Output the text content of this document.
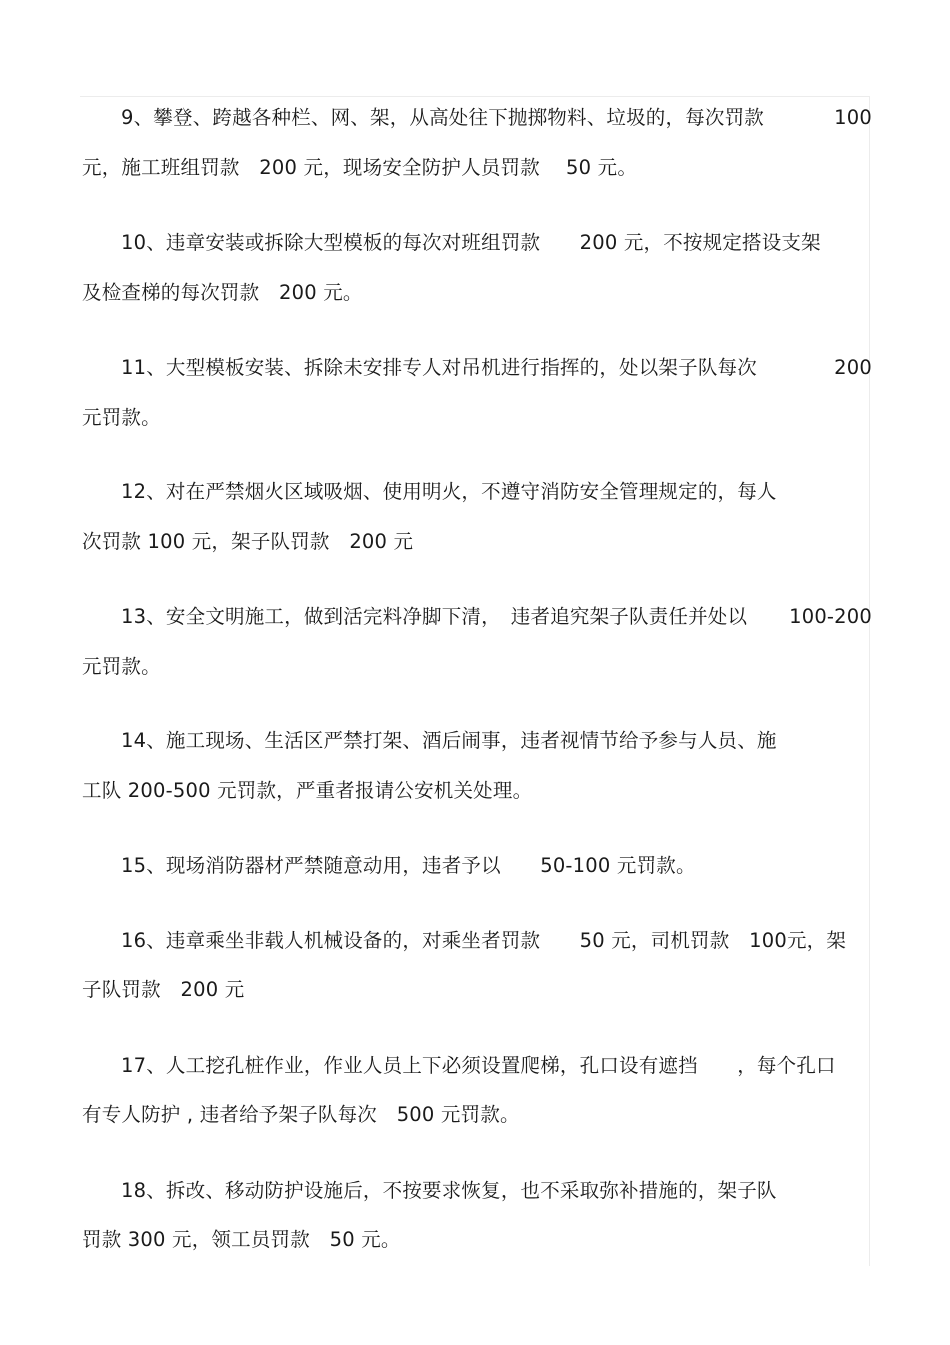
9、攀登、跨越各种栏、网、架，从高处往下抛掷物料、垃圾的，每次罚款	100
元，施工班组罚款　200 元，现场安全防护人员罚款　 50 元。
10、违章安装或拆除大型模板的每次对班组罚款　　200 元，不按规定搭设支架
及检查梯的每次罚款　200 元。
11、大型模板安装、拆除未安排专人对吊机进行指挥的，处以架子队每次	200
元罚款。
12、对在严禁烟火区域吸烟、使用明火，不遵守消防安全管理规定的，每人
次罚款 100 元，架子队罚款　200 元
13、安全文明施工，做到活完料净脚下清，　违者追究架子队责任并处以 100-200
元罚款。
14、施工现场、生活区严禁打架、酒后闹事，违者视情节给予参与人员、施
工队 200-500 元罚款，严重者报请公安机关处理。
15、现场消防器材严禁随意动用，违者予以　　50-100 元罚款。
16、违章乘坐非载人机械设备的，对乘坐者罚款　　50 元，司机罚款　100元，架
子队罚款　200 元
17、人工挖孔桩作业，作业人员上下必须设置爬梯，孔口设有遮挡　　，每个孔口
有专人防护 , 违者给予架子队每次　500 元罚款。
18、拆改、移动防护设施后，不按要求恢复，也不采取弥补措施的，架子队
罚款 300 元，领工员罚款　50 元。
